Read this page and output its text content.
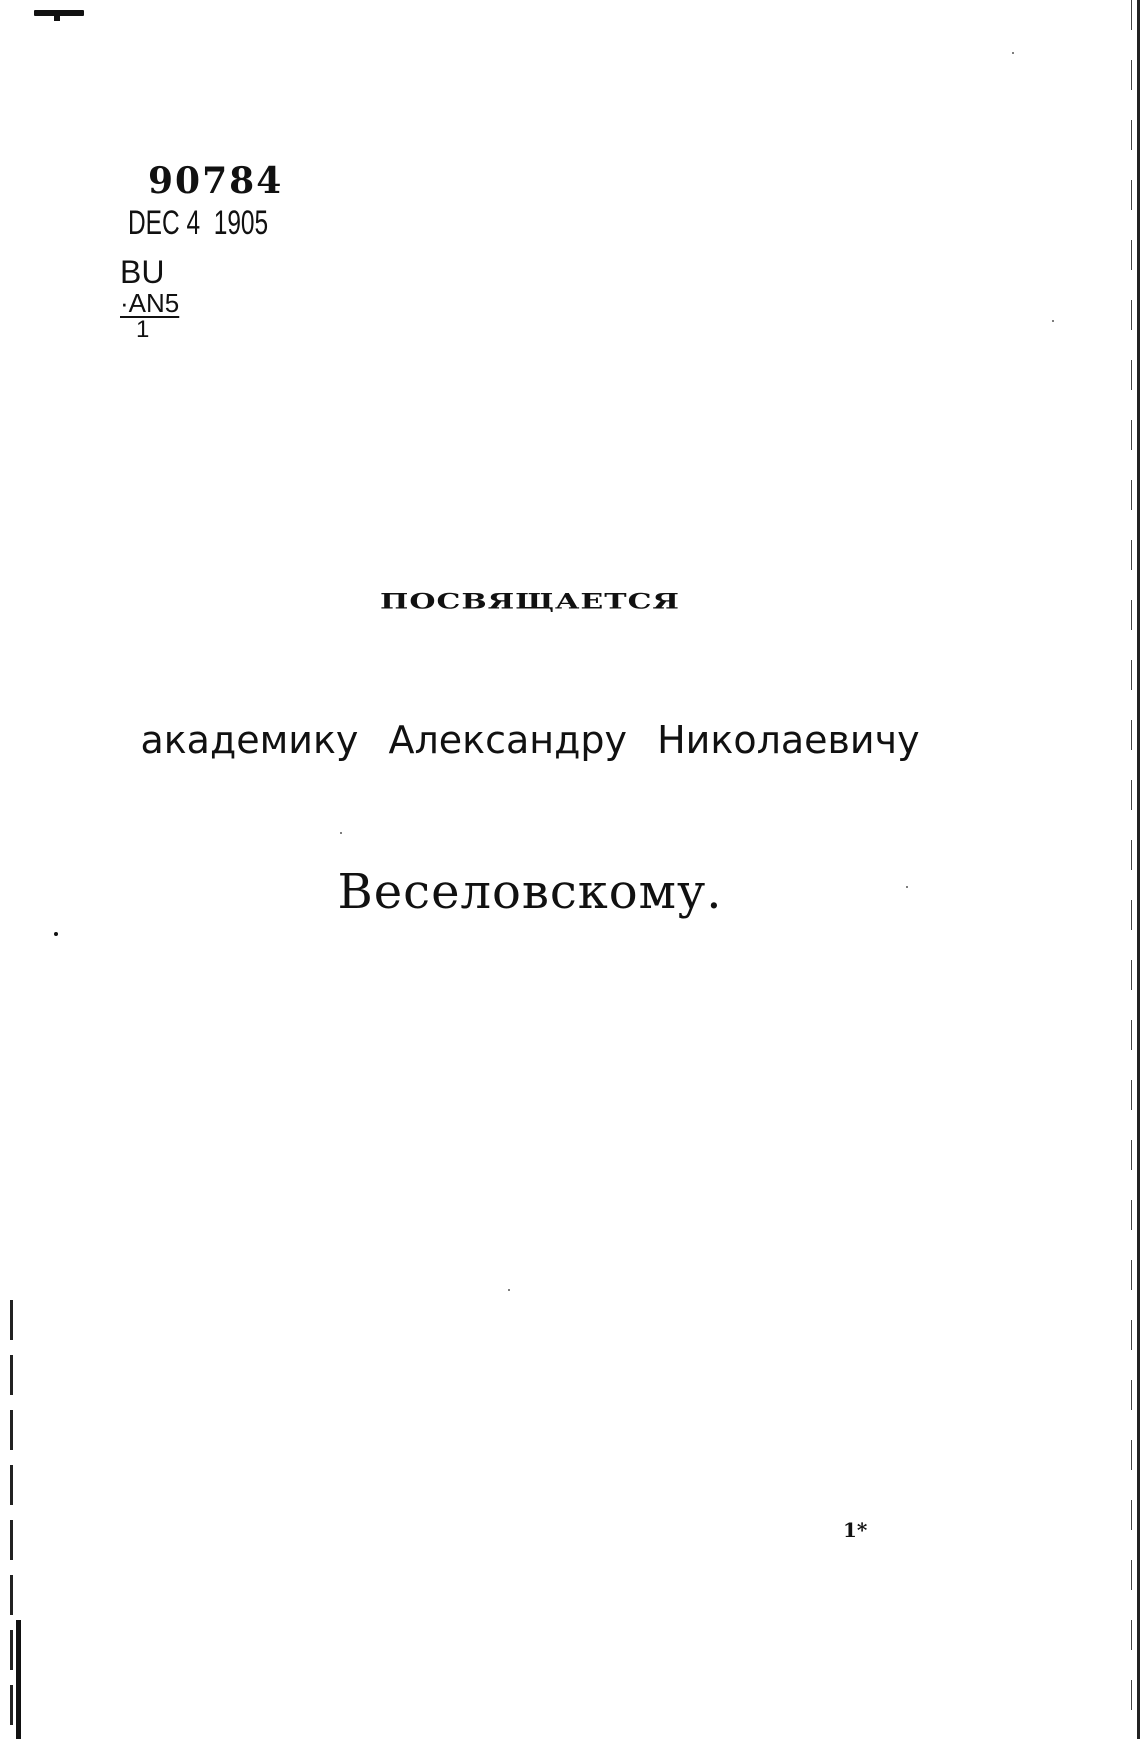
90784
DEC 4  1905
BU
·AN5
1
ПОСВЯЩАЕТСЯ
академику Александру Николаевичу
Веселовскому.
1*
